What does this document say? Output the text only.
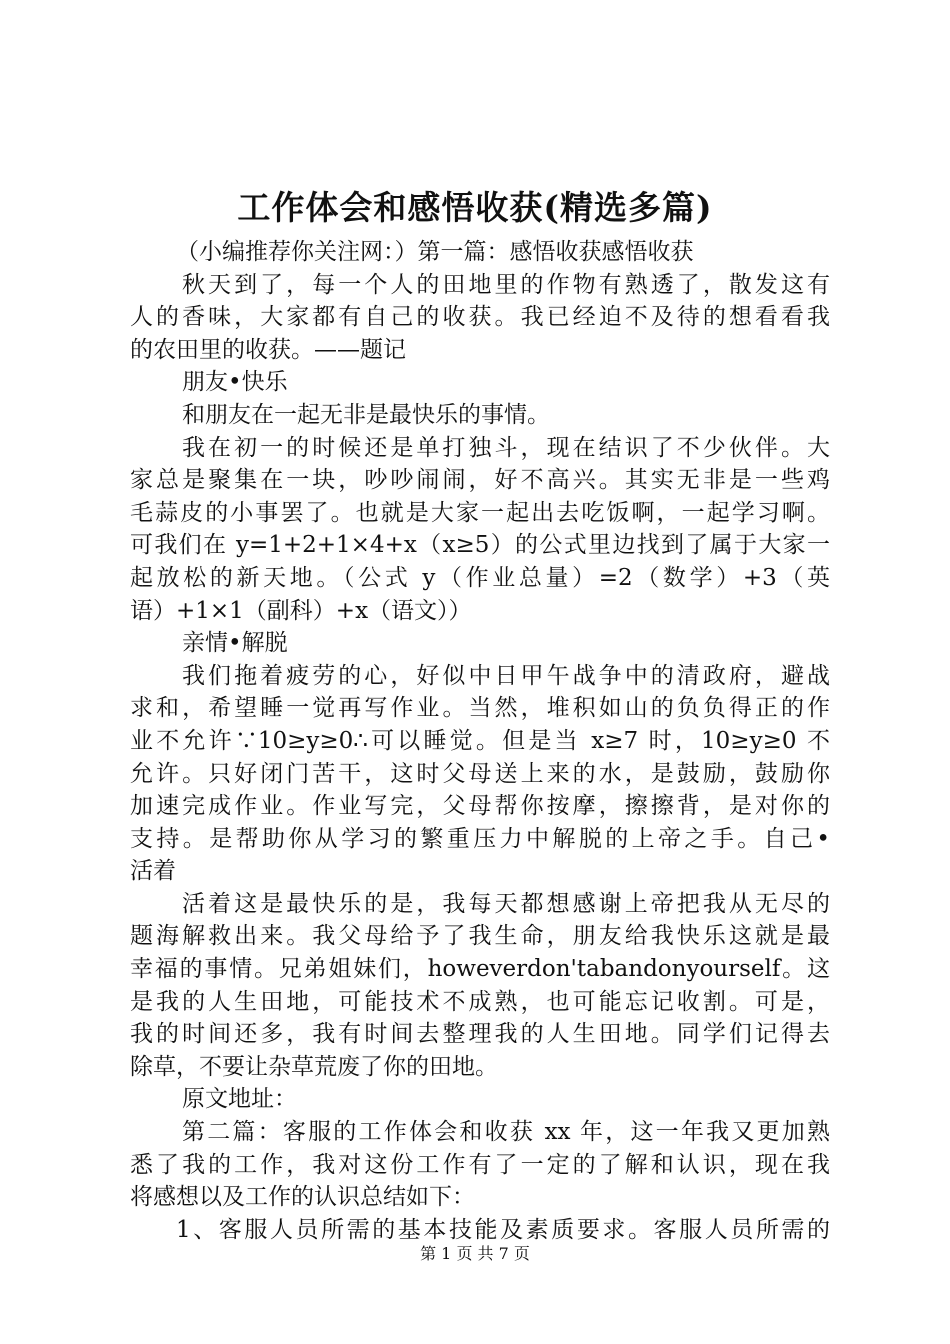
工作体会和感悟收获(精选多篇)
（小编推荐你关注网：）第一篇：感悟收获感悟收获
秋天到了，每一个人的田地里的作物有熟透了，散发这有
人的香味，大家都有自己的收获。我已经迫不及待的想看看我
的农田里的收获。——题记
朋友•快乐
和朋友在一起无非是最快乐的事情。
我在初一的时候还是单打独斗，现在结识了不少伙伴。大
家总是聚集在一块，吵吵闹闹，好不高兴。其实无非是一些鸡
毛蒜皮的小事罢了。也就是大家一起出去吃饭啊，一起学习啊。
可我们在 y=1+2+1×4+x（x≥5）的公式里边找到了属于大家一
起放松的新天地。（公式 y（作业总量）=2（数学）+3（英
语）+1×1（副科）+x（语文））
亲情•解脱
我们拖着疲劳的心，好似中日甲午战争中的清政府，避战
求和，希望睡一觉再写作业。当然，堆积如山的负负得正的作
业不允许∵10≥y≥0∴可以睡觉。但是当 x≥7 时，10≥y≥0 不
允许。只好闭门苦干，这时父母送上来的水，是鼓励，鼓励你
加速完成作业。作业写完，父母帮你按摩，擦擦背，是对你的
支持。是帮助你从学习的繁重压力中解脱的上帝之手。自己•
活着
活着这是最快乐的是，我每天都想感谢上帝把我从无尽的
题海解救出来。我父母给予了我生命，朋友给我快乐这就是最
幸福的事情。兄弟姐妹们，howeverdon'tabandonyourself。这
是我的人生田地，可能技术不成熟，也可能忘记收割。可是，
我的时间还多，我有时间去整理我的人生田地。同学们记得去
除草，不要让杂草荒废了你的田地。
原文地址：
第二篇：客服的工作体会和收获 xx 年，这一年我又更加熟
悉了我的工作，我对这份工作有了一定的了解和认识，现在我
将感想以及工作的认识总结如下：
1、客服人员所需的基本技能及素质要求。客服人员所需的
第 1 页 共 7 页
